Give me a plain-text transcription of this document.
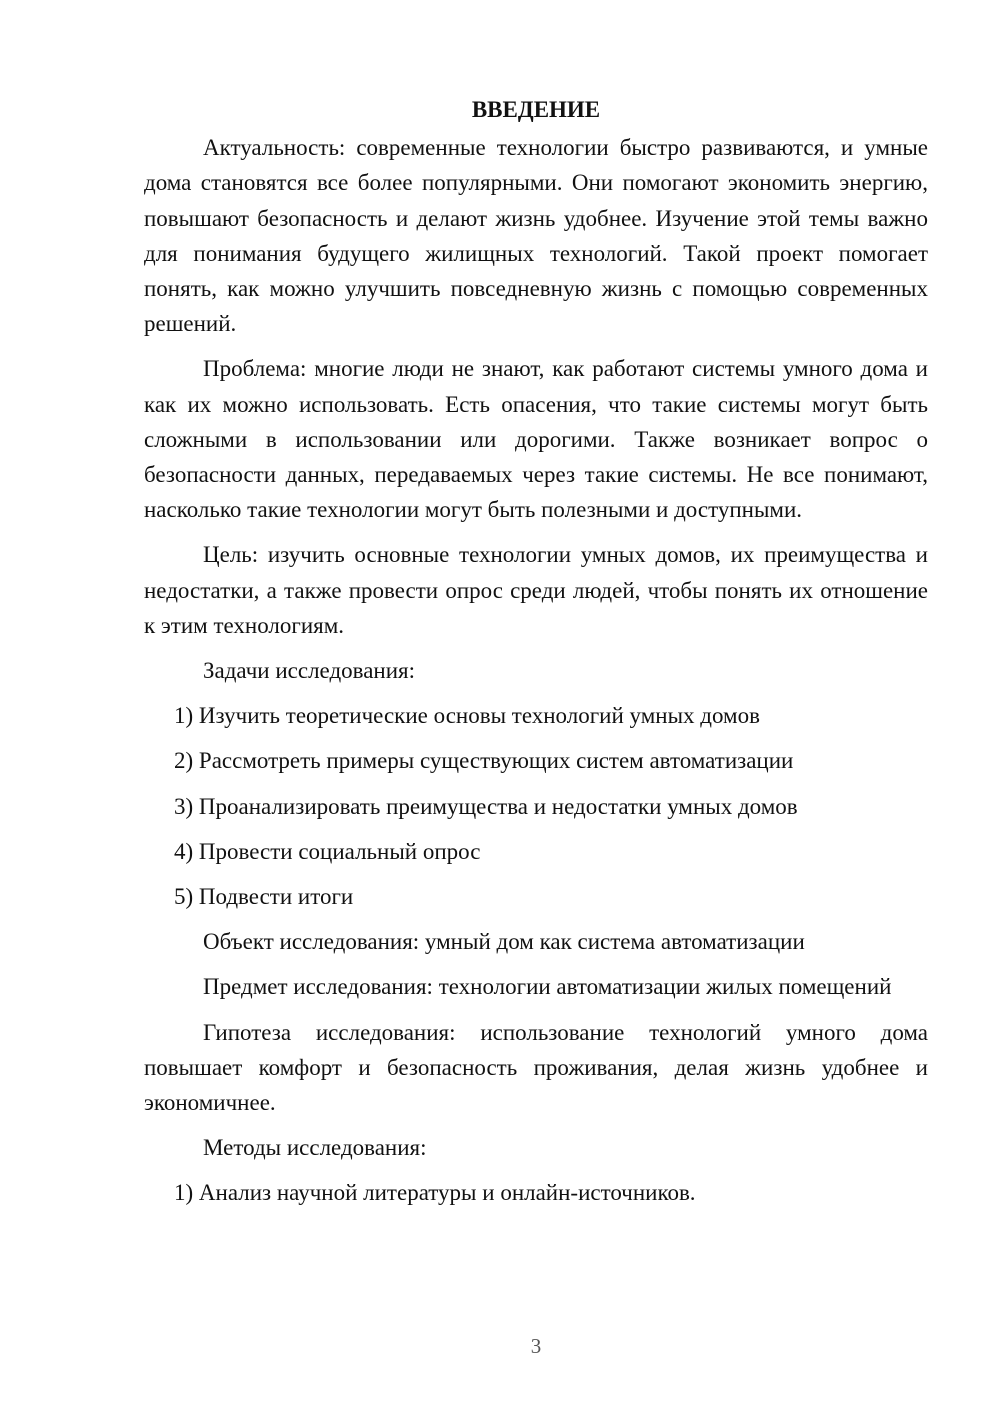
ВВЕДЕНИЕ

Актуальность: современные технологии быстро развиваются, и умные дома становятся все более популярными. Они помогают экономить энергию, повышают безопасность и делают жизнь удобнее. Изучение этой темы важно для понимания будущего жилищных технологий. Такой проект помогает понять, как можно улучшить повседневную жизнь с помощью современных решений.

Проблема: многие люди не знают, как работают системы умного дома и как их можно использовать. Есть опасения, что такие системы могут быть сложными в использовании или дорогими. Также возникает вопрос о безопасности данных, передаваемых через такие системы. Не все понимают, насколько такие технологии могут быть полезными и доступными.

Цель: изучить основные технологии умных домов, их преимущества и недостатки, а также провести опрос среди людей, чтобы понять их отношение к этим технологиям.

Задачи исследования:
1) Изучить теоретические основы технологий умных домов
2) Рассмотреть примеры существующих систем автоматизации
3) Проанализировать преимущества и недостатки умных домов
4) Провести социальный опрос
5) Подвести итоги
Объект исследования: умный дом как система автоматизации

Предмет исследования: технологии автоматизации жилых помещений

Гипотеза исследования: использование технологий умного дома повышает комфорт и безопасность проживания, делая жизнь удобнее и экономичнее.

Методы исследования:
1) Анализ научной литературы и онлайн-источников.
3
